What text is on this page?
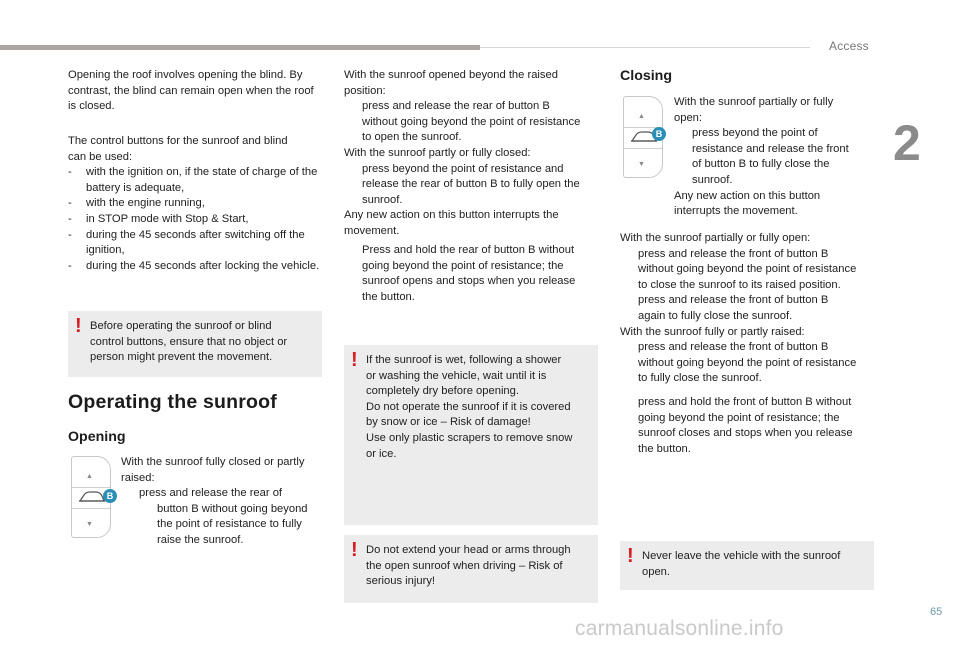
Access
2

Opening the roof involves opening the blind. By contrast, the blind can remain open when the roof is closed.

The control buttons for the sunroof and blind
can be used:

- with the ignition on, if the state of charge of the battery is adequate,

- with the engine running,

- in STOP mode with Stop & Start,

- during the 45 seconds after switching off the ignition,

- during the 45 seconds after locking the vehicle.

! Before operating the sunroof or blind
control buttons, ensure that no object or
person might prevent the movement.
Operating the sunroof
Opening
▲
▼
B

With the sunroof fully closed or partly
raised:

press and release the rear of
button B without going beyond
the point of resistance to fully
raise the sunroof.

With the sunroof opened beyond the raised
position:

press and release the rear of button B
without going beyond the point of resistance
to open the sunroof.

With the sunroof partly or fully closed:

press beyond the point of resistance and
release the rear of button B to fully open the
sunroof.

Any new action on this button interrupts the
movement.

Press and hold the rear of button B without
going beyond the point of resistance; the
sunroof opens and stops when you release
the button.

! If the sunroof is wet, following a shower
or washing the vehicle, wait until it is
completely dry before opening.
Do not operate the sunroof if it is covered
by snow or ice – Risk of damage!
Use only plastic scrapers to remove snow
or ice.
! Do not extend your head or arms through
the open sunroof when driving – Risk of
serious injury!
Closing
▲
▼
B

With the sunroof partially or fully
open:

press beyond the point of
resistance and release the front
of button B to fully close the
sunroof.

Any new action on this button
interrupts the movement.

With the sunroof partially or fully open:

press and release the front of button B
without going beyond the point of resistance
to close the sunroof to its raised position.

press and release the front of button B
again to fully close the sunroof.

With the sunroof fully or partly raised:

press and release the front of button B
without going beyond the point of resistance
to fully close the sunroof.

press and hold the front of button B without
going beyond the point of resistance; the
sunroof closes and stops when you release
the button.

! Never leave the vehicle with the sunroof
open.
65
carmanualsonline.info
